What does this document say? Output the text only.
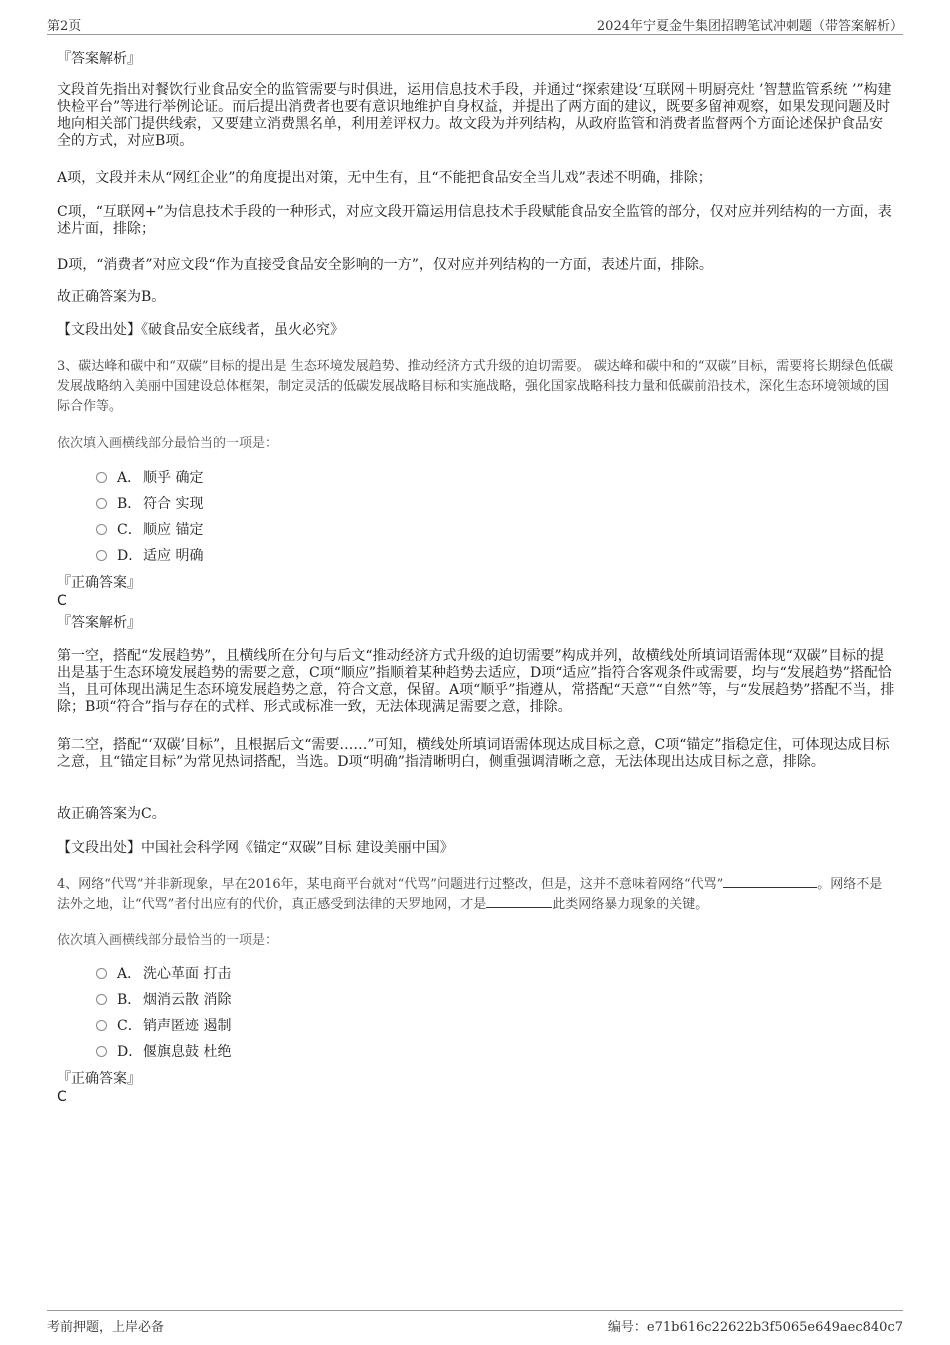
第2页	2024年宁夏金牛集团招聘笔试冲刺题（带答案解析）
『答案解析』
文段首先指出对餐饮行业食品安全的监管需要与时俱进，运用信息技术手段，并通过“探索建设‘互联网＋明厨亮灶 ’智慧监管系统 ’”构建快检平台”等进行举例论证。而后提出消费者也要有意识地维护自身权益，并提出了两方面的建议，既要多留神观察，如果发现问题及时地向相关部门提供线索，又要建立消费黑名单，利用差评权力。故文段为并列结构，从政府监管和消费者监督两个方面论述保护食品安全的方式，对应B项。
A项，文段并未从“网红企业”的角度提出对策，无中生有，且“不能把食品安全当儿戏”表述不明确，排除；
C项，“互联网+”为信息技术手段的一种形式，对应文段开篇运用信息技术手段赋能食品安全监管的部分，仅对应并列结构的一方面，表述片面，排除；
D项，“消费者”对应文段“作为直接受食品安全影响的一方”，仅对应并列结构的一方面，表述片面，排除。
故正确答案为B。
【文段出处】《破食品安全底线者，虽火必究》
3、碳达峰和碳中和“双碳”目标的提出是 生态环境发展趋势、推动经济方式升级的迫切需要。 碳达峰和碳中和的“双碳”目标，需要将长期绿色低碳发展战略纳入美丽中国建设总体框架，制定灵活的低碳发展战略目标和实施战略，强化国家战略科技力量和低碳前沿技术，深化生态环境领域的国际合作等。
依次填入画横线部分最恰当的一项是：
A． 顺乎 确定
B． 符合 实现
C．顺应 锚定
D．适应 明确
『正确答案』
C
『答案解析』
第一空，搭配“发展趋势”，且横线所在分句与后文“推动经济方式升级的迫切需要”构成并列，故横线处所填词语需体现“双碳”目标的提出是基于生态环境发展趋势的需要之意，C项“顺应”指顺着某种趋势去适应，D项“适应”指符合客观条件或需要，均与“发展趋势”搭配恰当，且可体现出满足生态环境发展趋势之意，符合文意，保留。A项“顺乎”指遵从，常搭配“天意”“自然”等，与“发展趋势”搭配不当，排除；B项“符合”指与存在的式样、形式或标准一致，无法体现满足需要之意，排除。
第二空，搭配“‘双碳’目标”，且根据后文“需要……”可知，横线处所填词语需体现达成目标之意，C项“锚定”指稳定住，可体现达成目标之意，且“锚定目标”为常见热词搭配，当选。D项“明确”指清晰明白，侧重强调清晰之意，无法体现出达成目标之意，排除。
故正确答案为C。
【文段出处】中国社会科学网《锚定“双碳”目标 建设美丽中国》
4、网络“代骂”并非新现象，早在2016年，某电商平台就对“代骂”问题进行过整改，但是，这并不意味着网络“代骂”	。网络不是法外之地，让“代骂”者付出应有的代价，真正感受到法律的天罗地网，才是	此类网络暴力现象的关键。
依次填入画横线部分最恰当的一项是：
A． 洗心革面 打击
B． 烟消云散 消除
C．销声匿迹 遏制
D．偃旗息鼓 杜绝
『正确答案』
C
考前押题，上岸必备	编号：e71b616c22622b3f5065e649aec840c7
